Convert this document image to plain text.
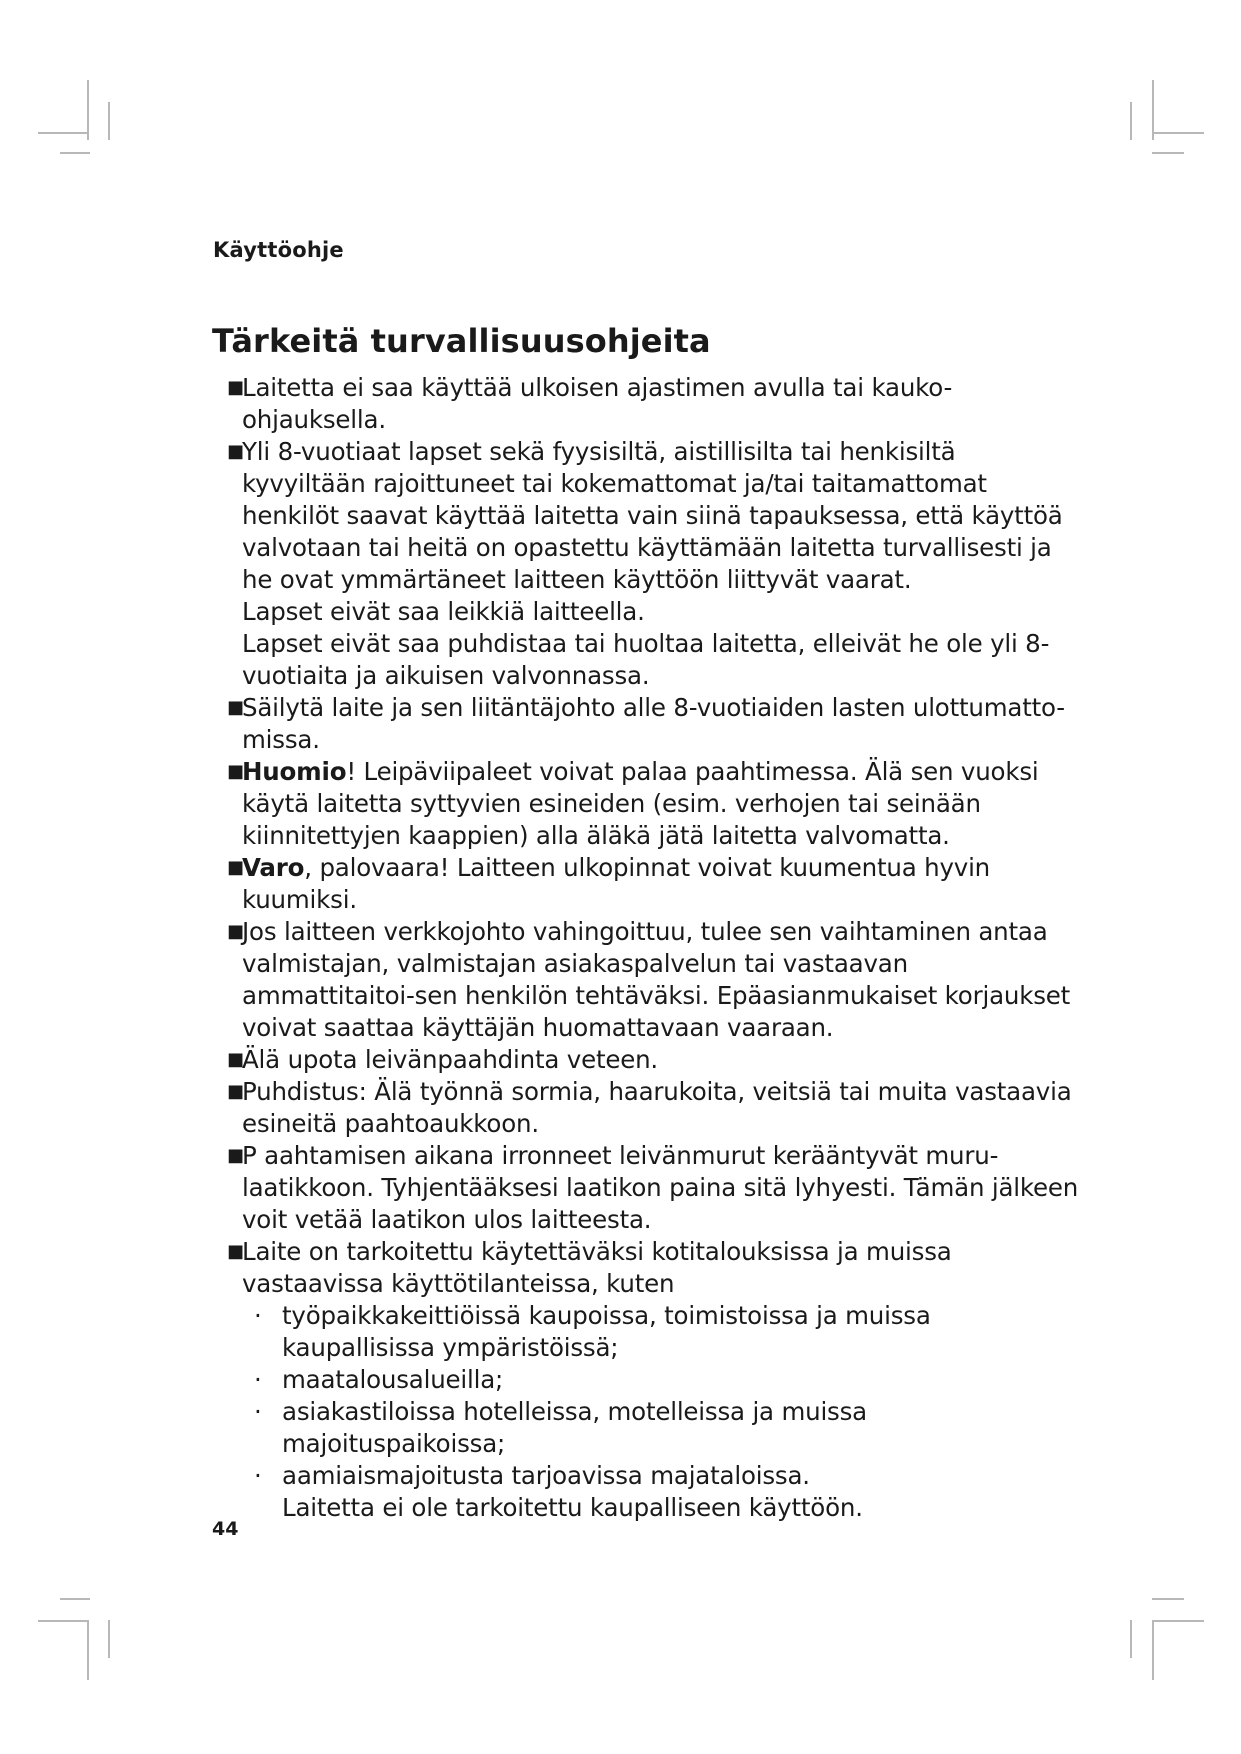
Käyttöohje
Tärkeitä turvallisuusohjeita
■
Laitetta ei saa käyttää ulkoisen ajastimen avulla tai kauko-ohjauksella.
■
Yli 8-vuotiaat lapset sekä fyysisiltä, aistillisilta tai henkisiltä kyvyiltään rajoittuneet tai kokemattomat ja/tai taitamattomat henkilöt saavat käyttää laitetta vain siinä tapauksessa, että käyttöä valvotaan tai heitä on opastettu käyttämään laitetta turvallisesti ja he ovat ymmärtäneet laitteen käyttöön liittyvät vaarat.
Lapset eivät saa leikkiä laitteella.
Lapset eivät saa puhdistaa tai huoltaa laitetta, elleivät he ole yli 8-vuotiaita ja aikuisen valvonnassa.
■
Säilytä laite ja sen liitäntäjohto alle 8-vuotiaiden lasten ulottumatto-missa.
■
Huomio! Leipäviipaleet voivat palaa paahtimessa. Älä sen vuoksi käytä laitetta syttyvien esineiden (esim. verhojen tai seinään kiinnitettyjen kaappien) alla äläkä jätä laitetta valvomatta.
■
Varo, palovaara! Laitteen ulkopinnat voivat kuumentua hyvin kuumiksi.
■
Jos laitteen verkkojohto vahingoittuu, tulee sen vaihtaminen antaa valmistajan, valmistajan asiakaspalvelun tai vastaavan ammattitaitoi-sen henkilön tehtäväksi. Epäasianmukaiset korjaukset voivat saattaa käyttäjän huomattavaan vaaraan.
■
Älä upota leivänpaahdinta veteen.
■
Puhdistus: Älä työnnä sormia, haarukoita, veitsiä tai muita vastaavia esineitä paahtoaukkoon.
■
P aahtamisen aikana irronneet leivänmurut kerääntyvät muru-laatikkoon. Tyhjentääksesi laatikon paina sitä lyhyesti. Tämän jälkeen voit vetää laatikon ulos laitteesta.
■
Laite on tarkoitettu käytettäväksi kotitalouksissa ja muissa vastaavissa käyttötilanteissa, kuten
· työpaikkakeittiöissä kaupoissa, toimistoissa ja muissa kaupallisissa ympäristöissä;
· maatalousalueilla;
· asiakastiloissa hotelleissa, motelleissa ja muissa majoituspaikoissa;
· aamiaismajoitusta tarjoavissa majataloissa.
Laitetta ei ole tarkoitettu kaupalliseen käyttöön.
44
